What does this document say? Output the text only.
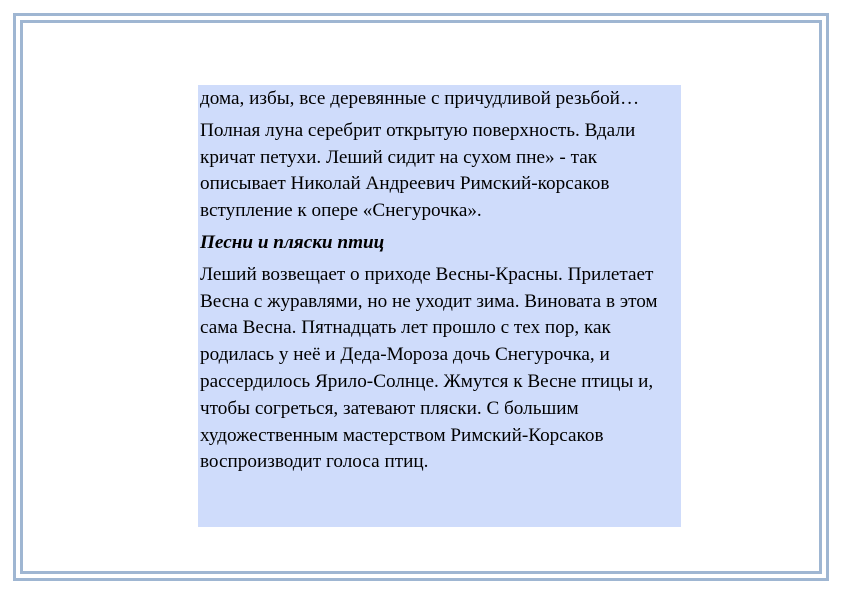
дома, избы, все деревянные с причудливой резьбой…

Полная луна серебрит открытую поверхность. Вдали кричат петухи. Леший сидит на сухом пне» - так описывает Николай Андреевич Римский-корсаков вступление к опере «Снегурочка».

Песни и пляски птиц

Леший возвещает о приходе Весны-Красны. Прилетает Весна с журавлями, но не уходит зима. Виновата в этом сама Весна. Пятнадцать лет прошло с тех пор, как родилась у неё и Деда-Мороза дочь Снегурочка, и рассердилось Ярило-Солнце. Жмутся к Весне птицы и, чтобы согреться, затевают пляски. С большим художественным мастерством Римский-Корсаков воспроизводит голоса птиц.
